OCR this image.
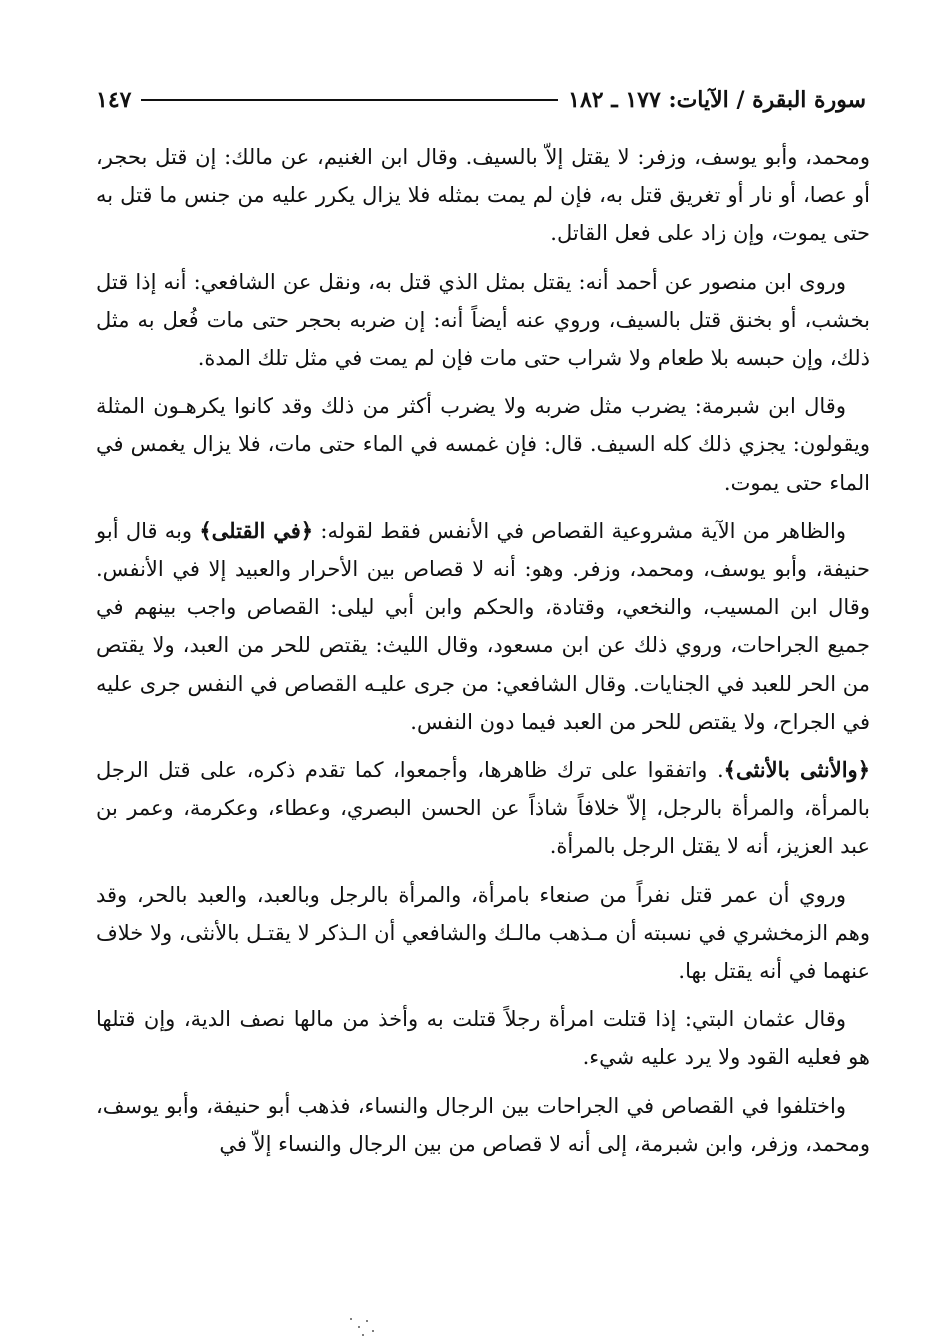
سورة البقرة / الآيات: ١٧٧ ـ ١٨٢
١٤٧

ومحمد، وأبو يوسف، وزفر: لا يقتل إلاّ بالسيف. وقال ابن الغنيم، عن مالك: إن قتل بحجر، أو عصا، أو نار أو تغريق قتل به، فإن لم يمت بمثله فلا يزال يكرر عليه من جنس ما قتل به حتى يموت، وإن زاد على فعل القاتل.

وروى ابن منصور عن أحمد أنه: يقتل بمثل الذي قتل به، ونقل عن الشافعي: أنه إذا قتل بخشب، أو بخنق قتل بالسيف، وروي عنه أيضاً أنه: إن ضربه بحجر حتى مات فُعل به مثل ذلك، وإن حبسه بلا طعام ولا شراب حتى مات فإن لم يمت في مثل تلك المدة.

وقال ابن شبرمة: يضرب مثل ضربه ولا يضرب أكثر من ذلك وقد كانوا يكرهـون المثلة ويقولون: يجزي ذلك كله السيف. قال: فإن غمسه في الماء حتى مات، فلا يزال يغمس في الماء حتى يموت.

والظاهر من الآية مشروعية القصاص في الأنفس فقط لقوله: ﴿في القتلى﴾ وبه قال أبو حنيفة، وأبو يوسف، ومحمد، وزفر. وهو: أنه لا قصاص بين الأحرار والعبيد إلا في الأنفس. وقال ابن المسيب، والنخعي، وقتادة، والحكم وابن أبي ليلى: القصاص واجب بينهم في جميع الجراحات، وروي ذلك عن ابن مسعود، وقال الليث: يقتص للحر من العبد، ولا يقتص من الحر للعبد في الجنايات. وقال الشافعي: من جرى عليـه القصاص في النفس جرى عليه في الجراح، ولا يقتص للحر من العبد فيما دون النفس.

﴿والأنثى بالأنثى﴾. واتفقوا على ترك ظاهرها، وأجمعوا، كما تقدم ذكره، على قتل الرجل بالمرأة، والمرأة بالرجل، إلاّ خلافاً شاذاً عن الحسن البصري، وعطاء، وعكرمة، وعمر بن عبد العزيز، أنه لا يقتل الرجل بالمرأة.

وروي أن عمر قتل نفراً من صنعاء بامرأة، والمرأة بالرجل وبالعبد، والعبد بالحر، وقد وهم الزمخشري في نسبته أن مـذهب مالـك والشافعي أن الـذكر لا يقتـل بالأنثى، ولا خلاف عنهما في أنه يقتل بها.

وقال عثمان البتي: إذا قتلت امرأة رجلاً قتلت به وأخذ من مالها نصف الدية، وإن قتلها هو فعليه القود ولا يرد عليه شيء.

واختلفوا في القصاص في الجراحات بين الرجال والنساء، فذهب أبو حنيفة، وأبو يوسف، ومحمد، وزفر، وابن شبرمة، إلى أنه لا قصاص من بين الرجال والنساء إلاّ في
